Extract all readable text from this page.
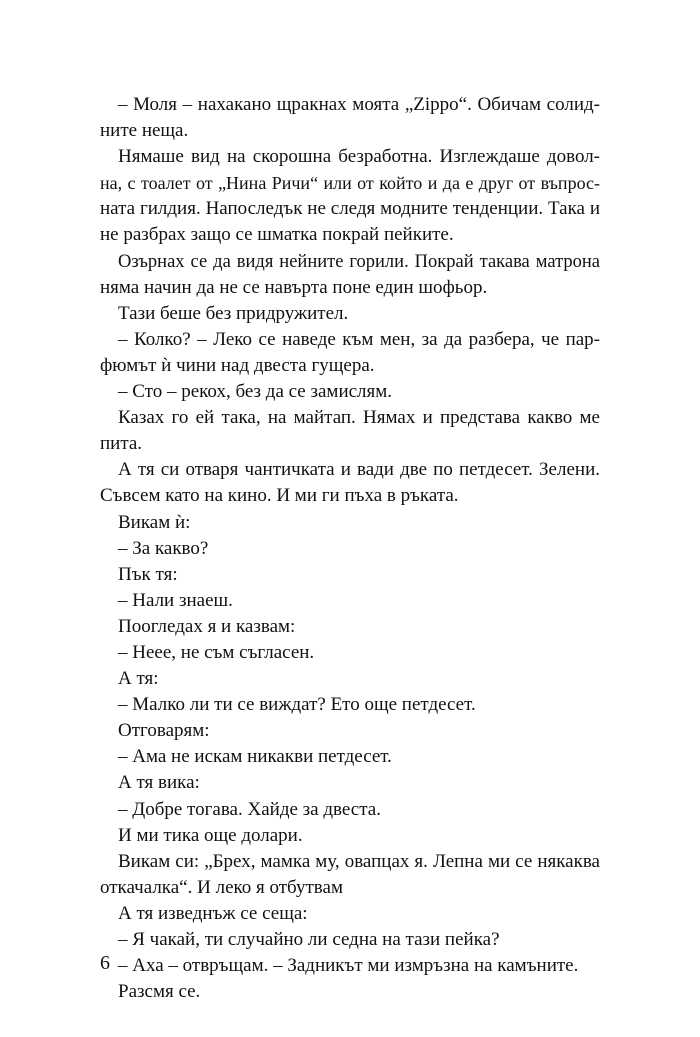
– Моля – нахакано щракнах моята „Zippo“. Обичам солид-
ните неща.
Нямаше вид на скорошна безработна. Изглеждаше довол-
на, с тоалет от „Нина Ричи“ или от който и да е друг от въпрос-
ната гилдия. Напоследък не следя модните тенденции. Така и
не разбрах защо се шматка покрай пейките.
Озърнах се да видя нейните горили. Покрай такава матрона
няма начин да не се навърта поне един шофьор.
Тази беше без придружител.
– Колко? – Леко се наведе към мен, за да разбера, че пар-
фюмът ѝ чини над двеста гущера.
– Сто – рекох, без да се замислям.
Казах го ей така, на майтап. Нямах и представа какво ме
пита.
А тя си отваря чантичката и вади две по петдесет. Зелени.
Съвсем като на кино. И ми ги пъха в ръката.
Викам ѝ:
– За какво?
Пък тя:
– Нали знаеш.
Поогледах я и казвам:
– Нeее, не съм съгласен.
А тя:
– Малко ли ти се виждат? Ето още петдесет.
Отговарям:
– Ама не искам никакви петдесет.
А тя вика:
– Добре тогава. Хайде за двеста.
И ми тика още долари.
Викам си: „Брех, мамка му, овапцах я. Лепна ми се някаква
откачалка“. И леко я отбутвам
А тя изведнъж се сеща:
– Я чакай, ти случайно ли седна на тази пейка?
– Аха – отвръщам. – Задникът ми измръзна на камъните.
Разсмя се.
6
